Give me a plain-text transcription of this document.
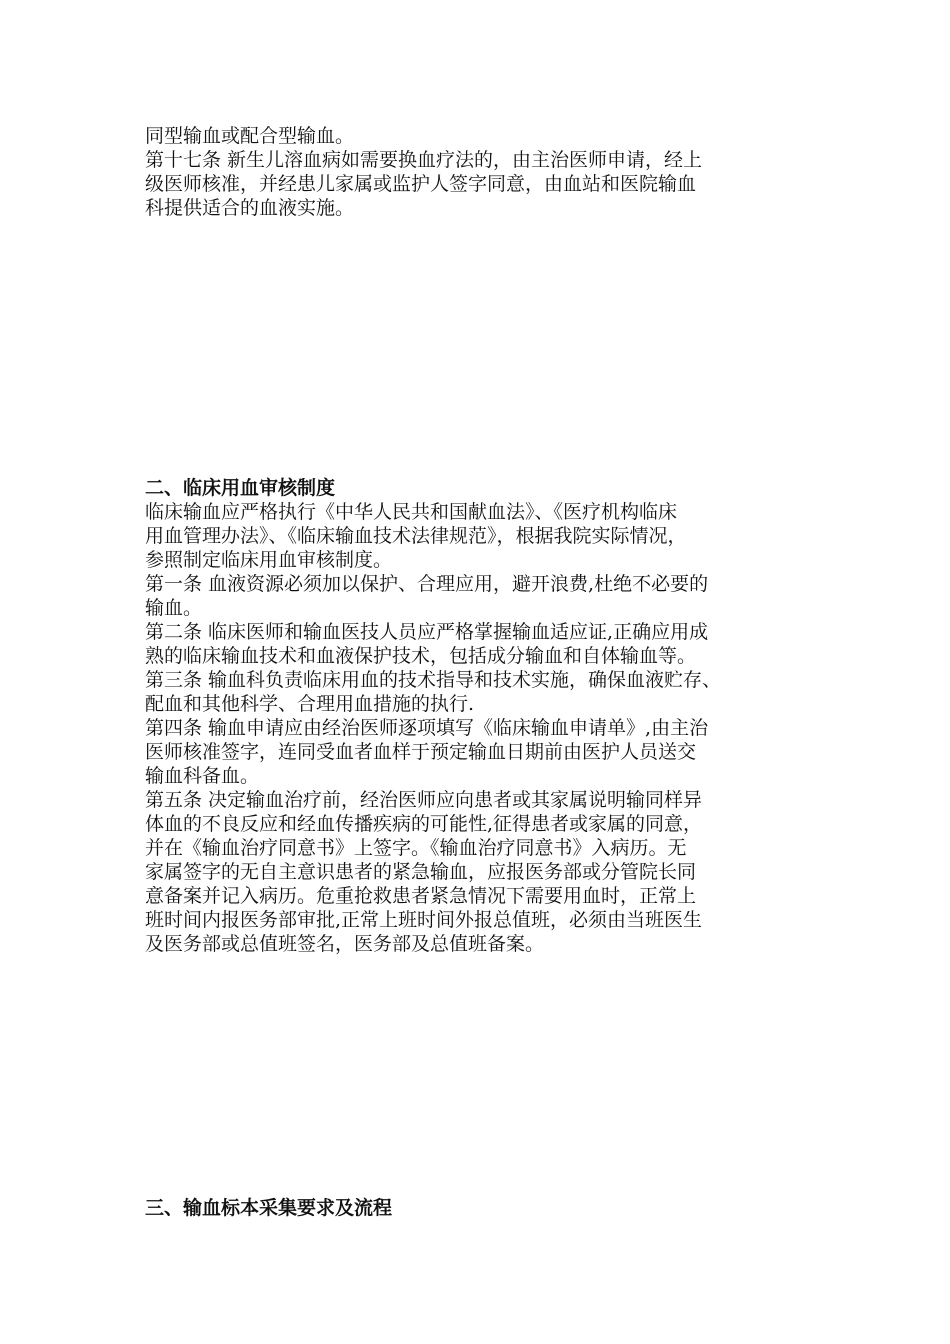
同型输血或配合型输血。
第十七条 新生儿溶血病如需要换血疗法的，由主治医师申请，经上
级医师核准，并经患儿家属或监护人签字同意，由血站和医院输血
科提供适合的血液实施。
二、临床用血审核制度
临床输血应严格执行《中华人民共和国献血法》、《医疗机构临床
用血管理办法》、《临床输血技术法律规范》，根据我院实际情况，
参照制定临床用血审核制度。
第一条 血液资源必须加以保护、合理应用，避开浪费,杜绝不必要的
输血。
第二条 临床医师和输血医技人员应严格掌握输血适应证,正确应用成
熟的临床输血技术和血液保护技术，包括成分输血和自体输血等。
第三条 输血科负责临床用血的技术指导和技术实施，确保血液贮存、
配血和其他科学、合理用血措施的执行.
第四条 输血申请应由经治医师逐项填写《临床输血申请单》,由主治
医师核准签字，连同受血者血样于预定输血日期前由医护人员送交
输血科备血。
第五条 决定输血治疗前，经治医师应向患者或其家属说明输同样异
体血的不良反应和经血传播疾病的可能性,征得患者或家属的同意，
并在《输血治疗同意书》上签字。《输血治疗同意书》入病历。无
家属签字的无自主意识患者的紧急输血，应报医务部或分管院长同
意备案并记入病历。危重抢救患者紧急情况下需要用血时，正常上
班时间内报医务部审批,正常上班时间外报总值班，必须由当班医生
及医务部或总值班签名，医务部及总值班备案。
三、输血标本采集要求及流程
